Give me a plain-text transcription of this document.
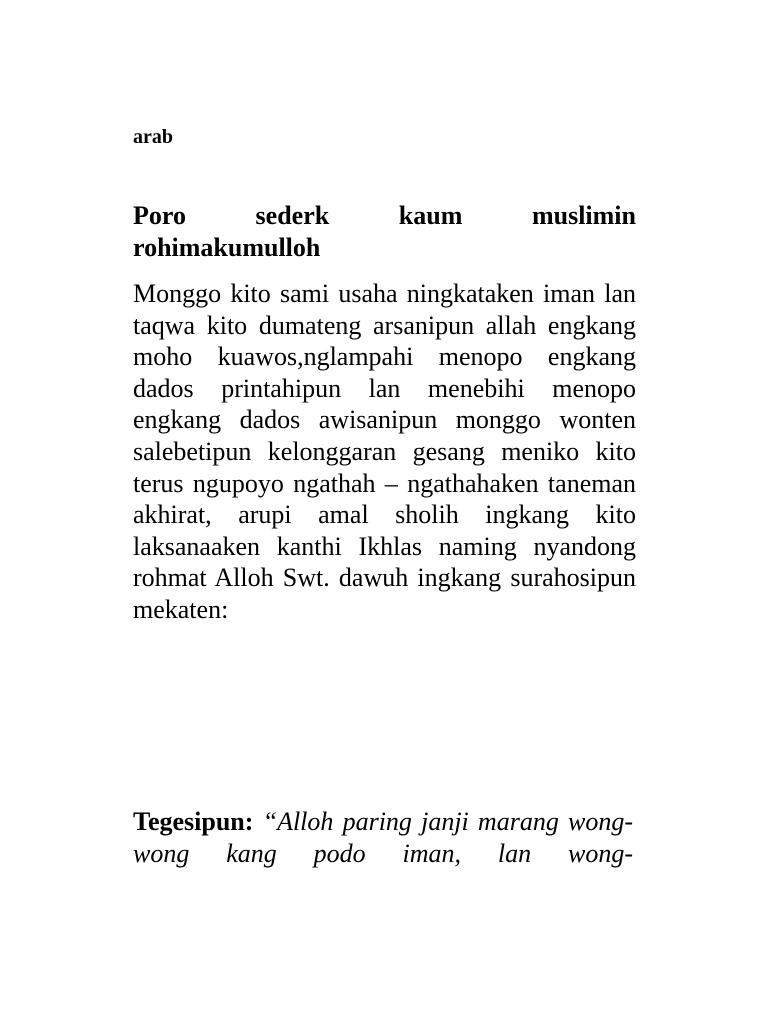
arab

Poro sederk kaum muslimin rohimakumulloh

Monggo kito sami usaha ningkataken iman lan taqwa kito dumateng arsanipun allah engkang moho kuawos,nglampahi menopo engkang dados printahipun lan menebihi menopo engkang dados awisanipun monggo wonten salebetipun kelonggaran gesang meniko kito terus ngupoyo ngathah – ngathahaken taneman akhirat, arupi amal sholih ingkang kito laksanaaken kanthi Ikhlas naming nyandong rohmat Alloh Swt. dawuh ingkang surahosipun mekaten:

Tegesipun: “Alloh paring janji marang wong-wong kang podo iman, lan wong-
